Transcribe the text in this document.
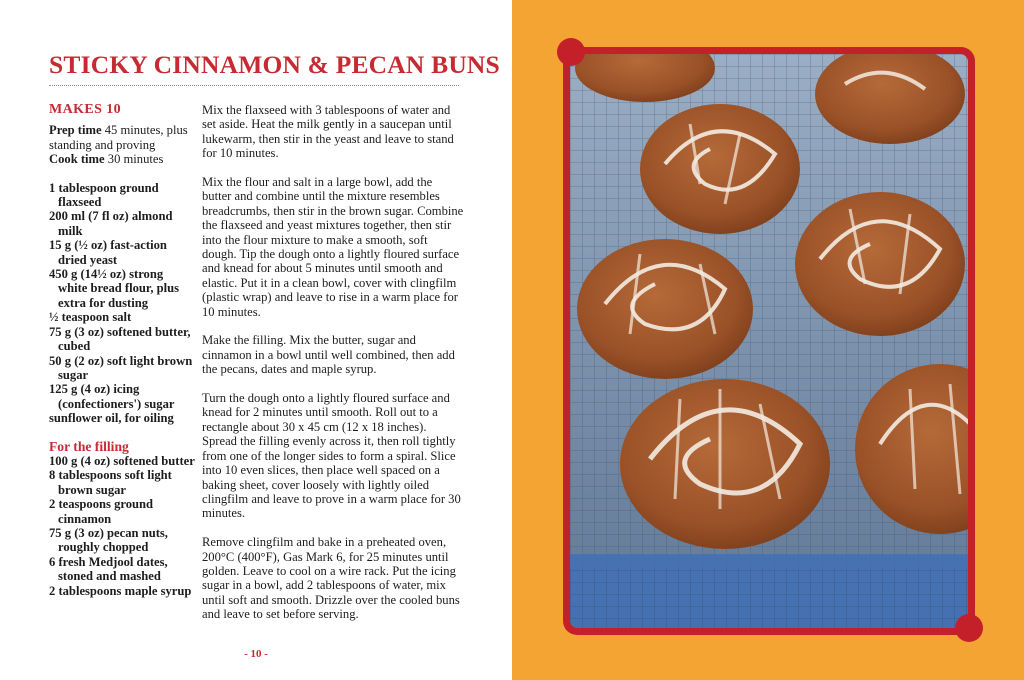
STICKY CINNAMON & PECAN BUNS
MAKES 10
Prep time 45 minutes, plus standing and proving
Cook time 30 minutes

1 tablespoon ground flaxseed

200 ml (7 fl oz) almond milk

15 g (½ oz) fast-action dried yeast

450 g (14½ oz) strong white bread flour, plus extra for dusting

½ teaspoon salt

75 g (3 oz) softened butter, cubed

50 g (2 oz) soft light brown sugar

125 g (4 oz) icing (confectioners') sugar

sunflower oil, for oiling

For the filling

100 g (4 oz) softened butter

8 tablespoons soft light brown sugar

2 teaspoons ground cinnamon

75 g (3 oz) pecan nuts, roughly chopped

6 fresh Medjool dates, stoned and mashed

2 tablespoons maple syrup

Mix the flaxseed with 3 tablespoons of water and set aside. Heat the milk gently in a saucepan until lukewarm, then stir in the yeast and leave to stand for 10 minutes.

Mix the flour and salt in a large bowl, add the butter and combine until the mixture resembles breadcrumbs, then stir in the brown sugar. Combine the flaxseed and yeast mixtures together, then stir into the flour mixture to make a smooth, soft dough. Tip the dough onto a lightly floured surface and knead for about 5 minutes until smooth and elastic. Put it in a clean bowl, cover with clingfilm (plastic wrap) and leave to rise in a warm place for 10 minutes.

Make the filling. Mix the butter, sugar and cinnamon in a bowl until well combined, then add the pecans, dates and maple syrup.

Turn the dough onto a lightly floured surface and knead for 2 minutes until smooth. Roll out to a rectangle about 30 x 45 cm (12 x 18 inches). Spread the filling evenly across it, then roll tightly from one of the longer sides to form a spiral. Slice into 10 even slices, then place well spaced on a baking sheet, cover loosely with lightly oiled clingfilm and leave to prove in a warm place for 30 minutes.

Remove clingfilm and bake in a preheated oven, 200°C (400°F), Gas Mark 6, for 25 minutes until golden. Leave to cool on a wire rack. Put the icing sugar in a bowl, add 2 tablespoons of water, mix until soft and smooth. Drizzle over the cooled buns and leave to set before serving.

- 10 -
